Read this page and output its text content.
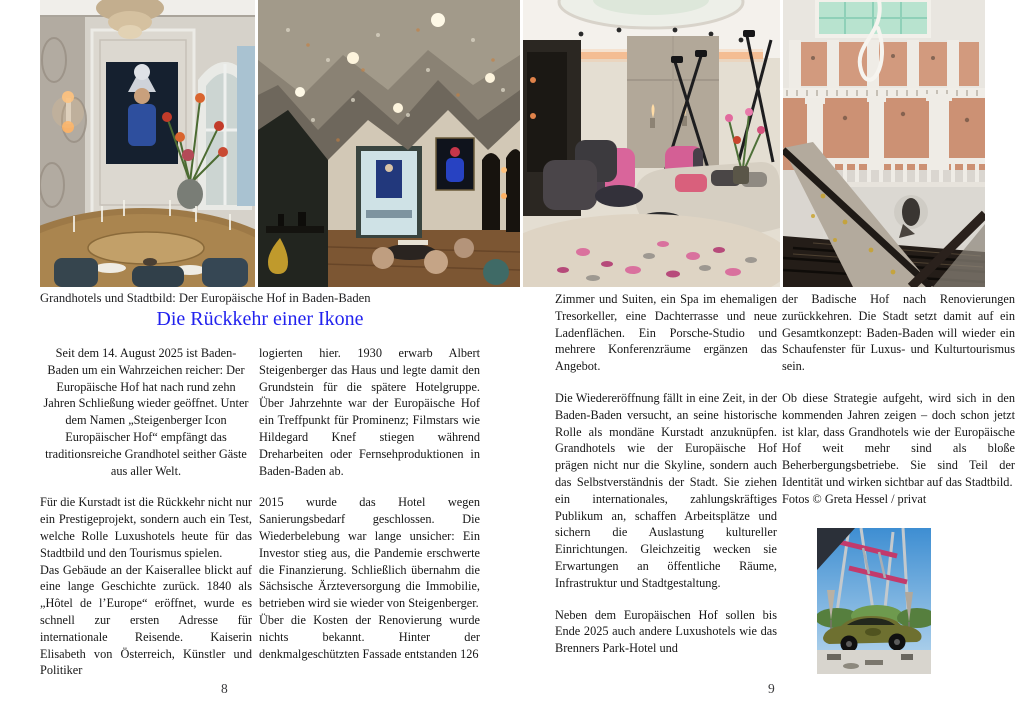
Grandhotels und Stadtbild: Der Europäische Hof in Baden-Baden
Die Rückkehr einer Ikone

Seit dem 14. August 2025 ist Baden-Baden um ein Wahrzeichen reicher: Der Europäische Hof hat nach rund zehn Jahren Schließung wieder geöffnet. Unter dem Namen „Steigenberger Icon Europäischer Hof“ empfängt das traditionsreiche Grandhotel seither Gäste aus aller Welt.

Für die Kurstadt ist die Rückkehr nicht nur ein Prestigeprojekt, sondern auch ein Test, welche Rolle Luxushotels heute für das Stadtbild und den Tourismus spielen.

Das Gebäude an der Kaiserallee blickt auf eine lange Geschichte zurück. 1840 als „Hôtel de l’Europe“ eröffnet, wurde es schnell zur ersten Adresse für internationale Reisende. Kaiserin Elisabeth von Österreich, Künstler und Politiker

logierten hier. 1930 erwarb Albert Steigenberger das Haus und legte damit den Grundstein für die spätere Hotelgruppe. Über Jahrzehnte war der Europäische Hof ein Treffpunkt für Prominenz; Filmstars wie Hildegard Knef stiegen während Dreharbeiten oder Fernsehproduktionen in Baden-Baden ab.

2015 wurde das Hotel wegen Sanierungsbedarf geschlossen. Die Wiederbelebung war lange unsicher: Ein Investor stieg aus, die Pandemie erschwerte die Finanzierung. Schließlich übernahm die Sächsische Ärzteversorgung die Immobilie, betrieben wird sie wieder von Steigenberger.

Über die Kosten der Renovierung wurde nichts bekannt. Hinter der denkmalgeschützten Fassade entstanden 126

Zimmer und Suiten, ein Spa im ehemaligen Tresorkeller, eine Dachterrasse und neue Ladenflächen. Ein Porsche-Studio und mehrere Konferenzräume ergänzen das Angebot.

Die Wiedereröffnung fällt in eine Zeit, in der Baden-Baden versucht, an seine historische Rolle als mondäne Kurstadt anzuknüpfen. Grandhotels wie der Europäische Hof prägen nicht nur die Skyline, sondern auch das Selbstverständnis der Stadt. Sie ziehen ein internationales, zahlungskräftiges Publikum an, schaffen Arbeitsplätze und sichern die Auslastung kultureller Einrichtungen. Gleichzeitig wecken sie Erwartungen an öffentliche Räume, Infrastruktur und Stadtgestaltung.

Neben dem Europäischen Hof sollen bis Ende 2025 auch andere Luxushotels wie das Brenners Park-Hotel und

der Badische Hof nach Renovierungen zurückkehren. Die Stadt setzt damit auf ein Gesamtkonzept: Baden-Baden will wieder ein Schaufenster für Luxus- und Kulturtourismus sein.

Ob diese Strategie aufgeht, wird sich in den kommenden Jahren zeigen – doch schon jetzt ist klar, dass Grandhotels wie der Europäische Hof weit mehr sind als bloße Beherbergungsbetriebe. Sie sind Teil der Identität und wirken sichtbar auf das Stadtbild.

Fotos © Greta Hessel / privat

8	9
